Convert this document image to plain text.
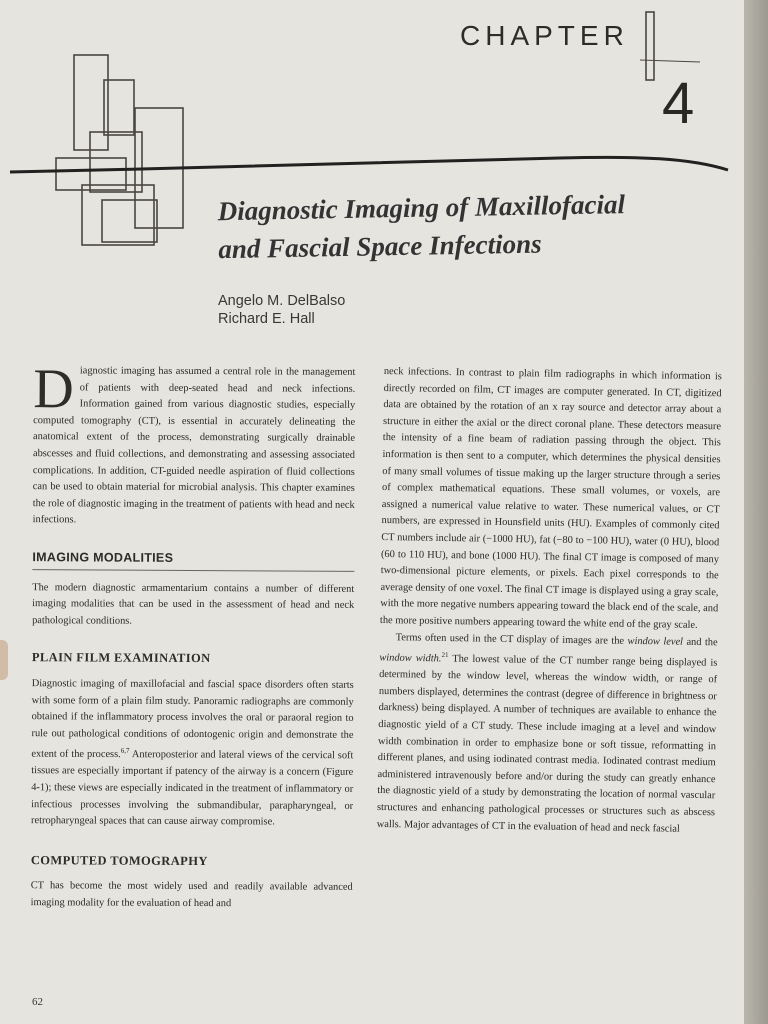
CHAPTER
4
Diagnostic Imaging of Maxillofacial
and Fascial Space Infections
Angelo M. DelBalso
Richard E. Hall

Diagnostic imaging has assumed a central role in the management of patients with deep-seated head and neck infections. Information gained from various diagnostic studies, especially computed tomography (CT), is essential in accurately delineating the anatomical extent of the process, demonstrating surgically drainable abscesses and fluid collections, and demonstrating and assessing associated complications. In addition, CT-guided needle aspiration of fluid collections can be used to obtain material for microbial analysis. This chapter examines the role of diagnostic imaging in the treatment of patients with head and neck infections.

IMAGING MODALITIES

The modern diagnostic armamentarium contains a number of different imaging modalities that can be used in the assessment of head and neck pathological conditions.

PLAIN FILM EXAMINATION

Diagnostic imaging of maxillofacial and fascial space disorders often starts with some form of a plain film study. Panoramic radiographs are commonly obtained if the inflammatory process involves the oral or paraoral region to rule out pathological conditions of odontogenic origin and demonstrate the extent of the process.$^{6,7}$ Anteroposterior and lateral views of the cervical soft tissues are especially important if patency of the airway is a concern (Figure 4-1); these views are especially indicated in the treatment of inflammatory or infectious processes involving the submandibular, parapharyngeal, or retropharyngeal spaces that can cause airway compromise.

COMPUTED TOMOGRAPHY

CT has become the most widely used and readily available advanced imaging modality for the evaluation of head and

neck infections. In contrast to plain film radiographs in which information is directly recorded on film, CT images are computer generated. In CT, digitized data are obtained by the rotation of an x ray source and detector array about a structure in either the axial or the direct coronal plane. These detectors measure the intensity of a fine beam of radiation passing through the object. This information is then sent to a computer, which determines the physical densities of many small volumes of tissue making up the larger structure through a series of complex mathematical equations. These small volumes, or voxels, are assigned a numerical value relative to water. These numerical values, or CT numbers, are expressed in Hounsfield units (HU). Examples of commonly cited CT numbers include air (−1000 HU), fat (−80 to −100 HU), water (0 HU), blood (60 to 110 HU), and bone (1000 HU). The final CT image is composed of many two-dimensional picture elements, or pixels. Each pixel corresponds to the average density of one voxel. The final CT image is displayed using a gray scale, with the more negative numbers appearing toward the black end of the scale, and the more positive numbers appearing toward the white end of the gray scale.

Terms often used in the CT display of images are the window level and the window width.$^{21}$ The lowest value of the CT number range being displayed is determined by the window level, whereas the window width, or range of numbers displayed, determines the contrast (degree of difference in brightness or darkness) being displayed. A number of techniques are available to enhance the diagnostic yield of a CT study. These include imaging at a level and window width combination in order to emphasize bone or soft tissue, reformatting in different planes, and using iodinated contrast media. Iodinated contrast medium administered intravenously before and/or during the study can greatly enhance the diagnostic yield of a study by demonstrating the location of normal vascular structures and enhancing pathological processes or structures such as abscess walls. Major advantages of CT in the evaluation of head and neck fascial

62
